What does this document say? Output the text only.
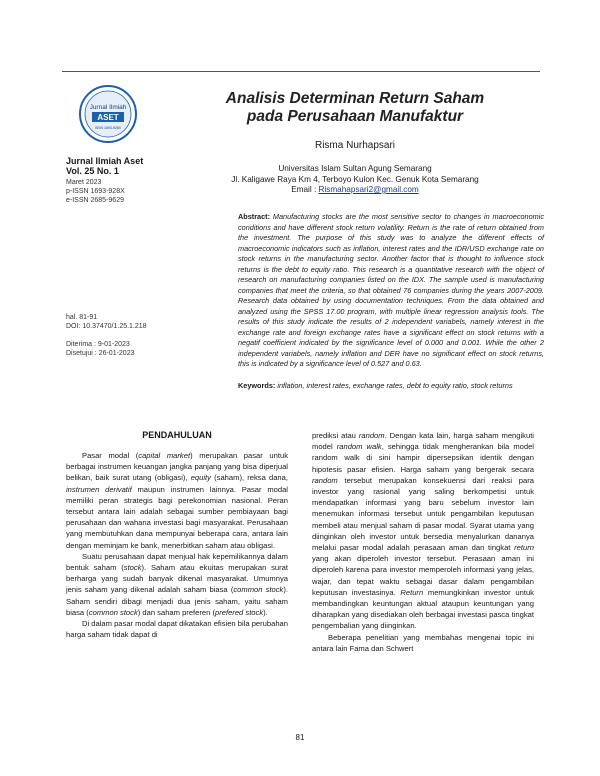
Jurnal Ilmiah
ASET
ISSN 1693-928X
Jurnal Ilmiah Aset
Vol. 25 No. 1
Maret 2023
p-ISSN 1693-928X
e-ISSN 2685-9629
hal. 81-91
DOI: 10.37470/1.25.1.218
Diterima : 9-01-2023
Disetujui : 26-01-2023
Analisis Determinan Return Saham
pada Perusahaan Manufaktur
Risma Nurhapsari
Universitas Islam Sultan Agung Semarang
Jl. Kaligawe Raya Km 4, Terboyo Kulon Kec. Genuk Kota Semarang
Email : Rismahapsari2@gmail.com
Abstract: Manufacturing stocks are the most sensitive sector to changes in macroeconomic conditions and have different stock return volatility. Return is the rate of return obtained from the investment. The purpose of this study was to analyze the different effects of macroeconomic indicators such as inflation, interest rates and the IDR/USD exchange rate on stock returns in the manufacturing sector. Another factor that is thought to influence stock returns is the debt to equity ratio. This research is a quantitative research with the object of research on manufacturing companies listed on the IDX. The sample used is manufacturing companies that meet the criteria, so that obtained 76 companies during the years 2007-2009. Research data obtained by using documentation techniques. From the data obtained and analyzed using the SPSS 17.00 program, with multiple linear regression analysis tools. The results of this study indicate the results of 2 independent variabels, namely interest in the exchange rate and foreign exchange rates have a significant effect on stock returns with a negatif coefficient indicated by the significance level of 0.000 and 0.001. While the other 2 independent variabels, namely inflation and DER have no significant effect on stock returns, this is indicated by a significance level of 0.527 and 0.63.
Keywords: inflation, interest rates, exchange rates, debt to equity ratio, stock returns
PENDAHULUAN

Pasar modal (capital market) merupakan pasar untuk berbagai instrumen keuangan jangka panjang yang bisa diperjual belikan, baik surat utang (obligasi), equity (saham), reksa dana, instrumen derivatif maupun instrumen lainnya. Pasar modal memiliki peran strategis bagi perekonomian nasional. Peran tersebut antara lain adalah sebagai sumber pembiayaan bagi perusahaan dan wahana investasi bagi masyarakat. Perusahaan yang membutuhkan dana mempunyai beberapa cara, antara lain dengan meminjam ke bank, menerbitkan saham atau obligasi.

Suatu perusahaan dapat menjual hak kepemilikannya dalam bentuk saham (stock). Saham atau ekuitas merupakan surat berharga yang sudah banyak dikenal masyarakat. Umumnya jenis saham yang dikenal adalah saham biasa (common stock). Saham sendiri dibagi menjadi dua jenis saham, yaitu saham biasa (common stock) dan saham preferen (prefered stock).

Di dalam pasar modal dapat dikatakan efisien bila perubahan harga saham tidak dapat di

prediksi atau random. Dengan kata lain, harga saham mengikuti model random walk, sehingga tidak mengherankan bila model random walk di sini hampir dipersepsikan identik dengan hipotesis pasar efisien. Harga saham yang bergerak secara random tersebut merupakan konsekuensi dari reaksi para investor yang rasional yang saling berkompetisi untuk mendapatkan informasi yang baru sebelum investor lain menemukan informasi tersebut untuk pengambilan keputusan membeli atau menjual saham di pasar modal. Syarat utama yang diinginkan oleh investor untuk bersedia menyalurkan dananya melalui pasar modal adalah perasaan aman dan tingkat return yang akan diperoleh investor tersebut. Perasaan aman ini diperoleh karena para investor memperoleh informasi yang jelas, wajar, dan tepat waktu sebagai dasar dalam pengambilan keputusan investasinya. Return memungkinkan investor untuk membandingkan keuntungan aktual ataupun keuntungan yang diharapkan yang disediakan oleh berbagai investasi pasca tingkat pengembalian yang diinginkan.

Beberapa penelitian yang membahas mengenai topic ini antara lain Fama dan Schwert

81
